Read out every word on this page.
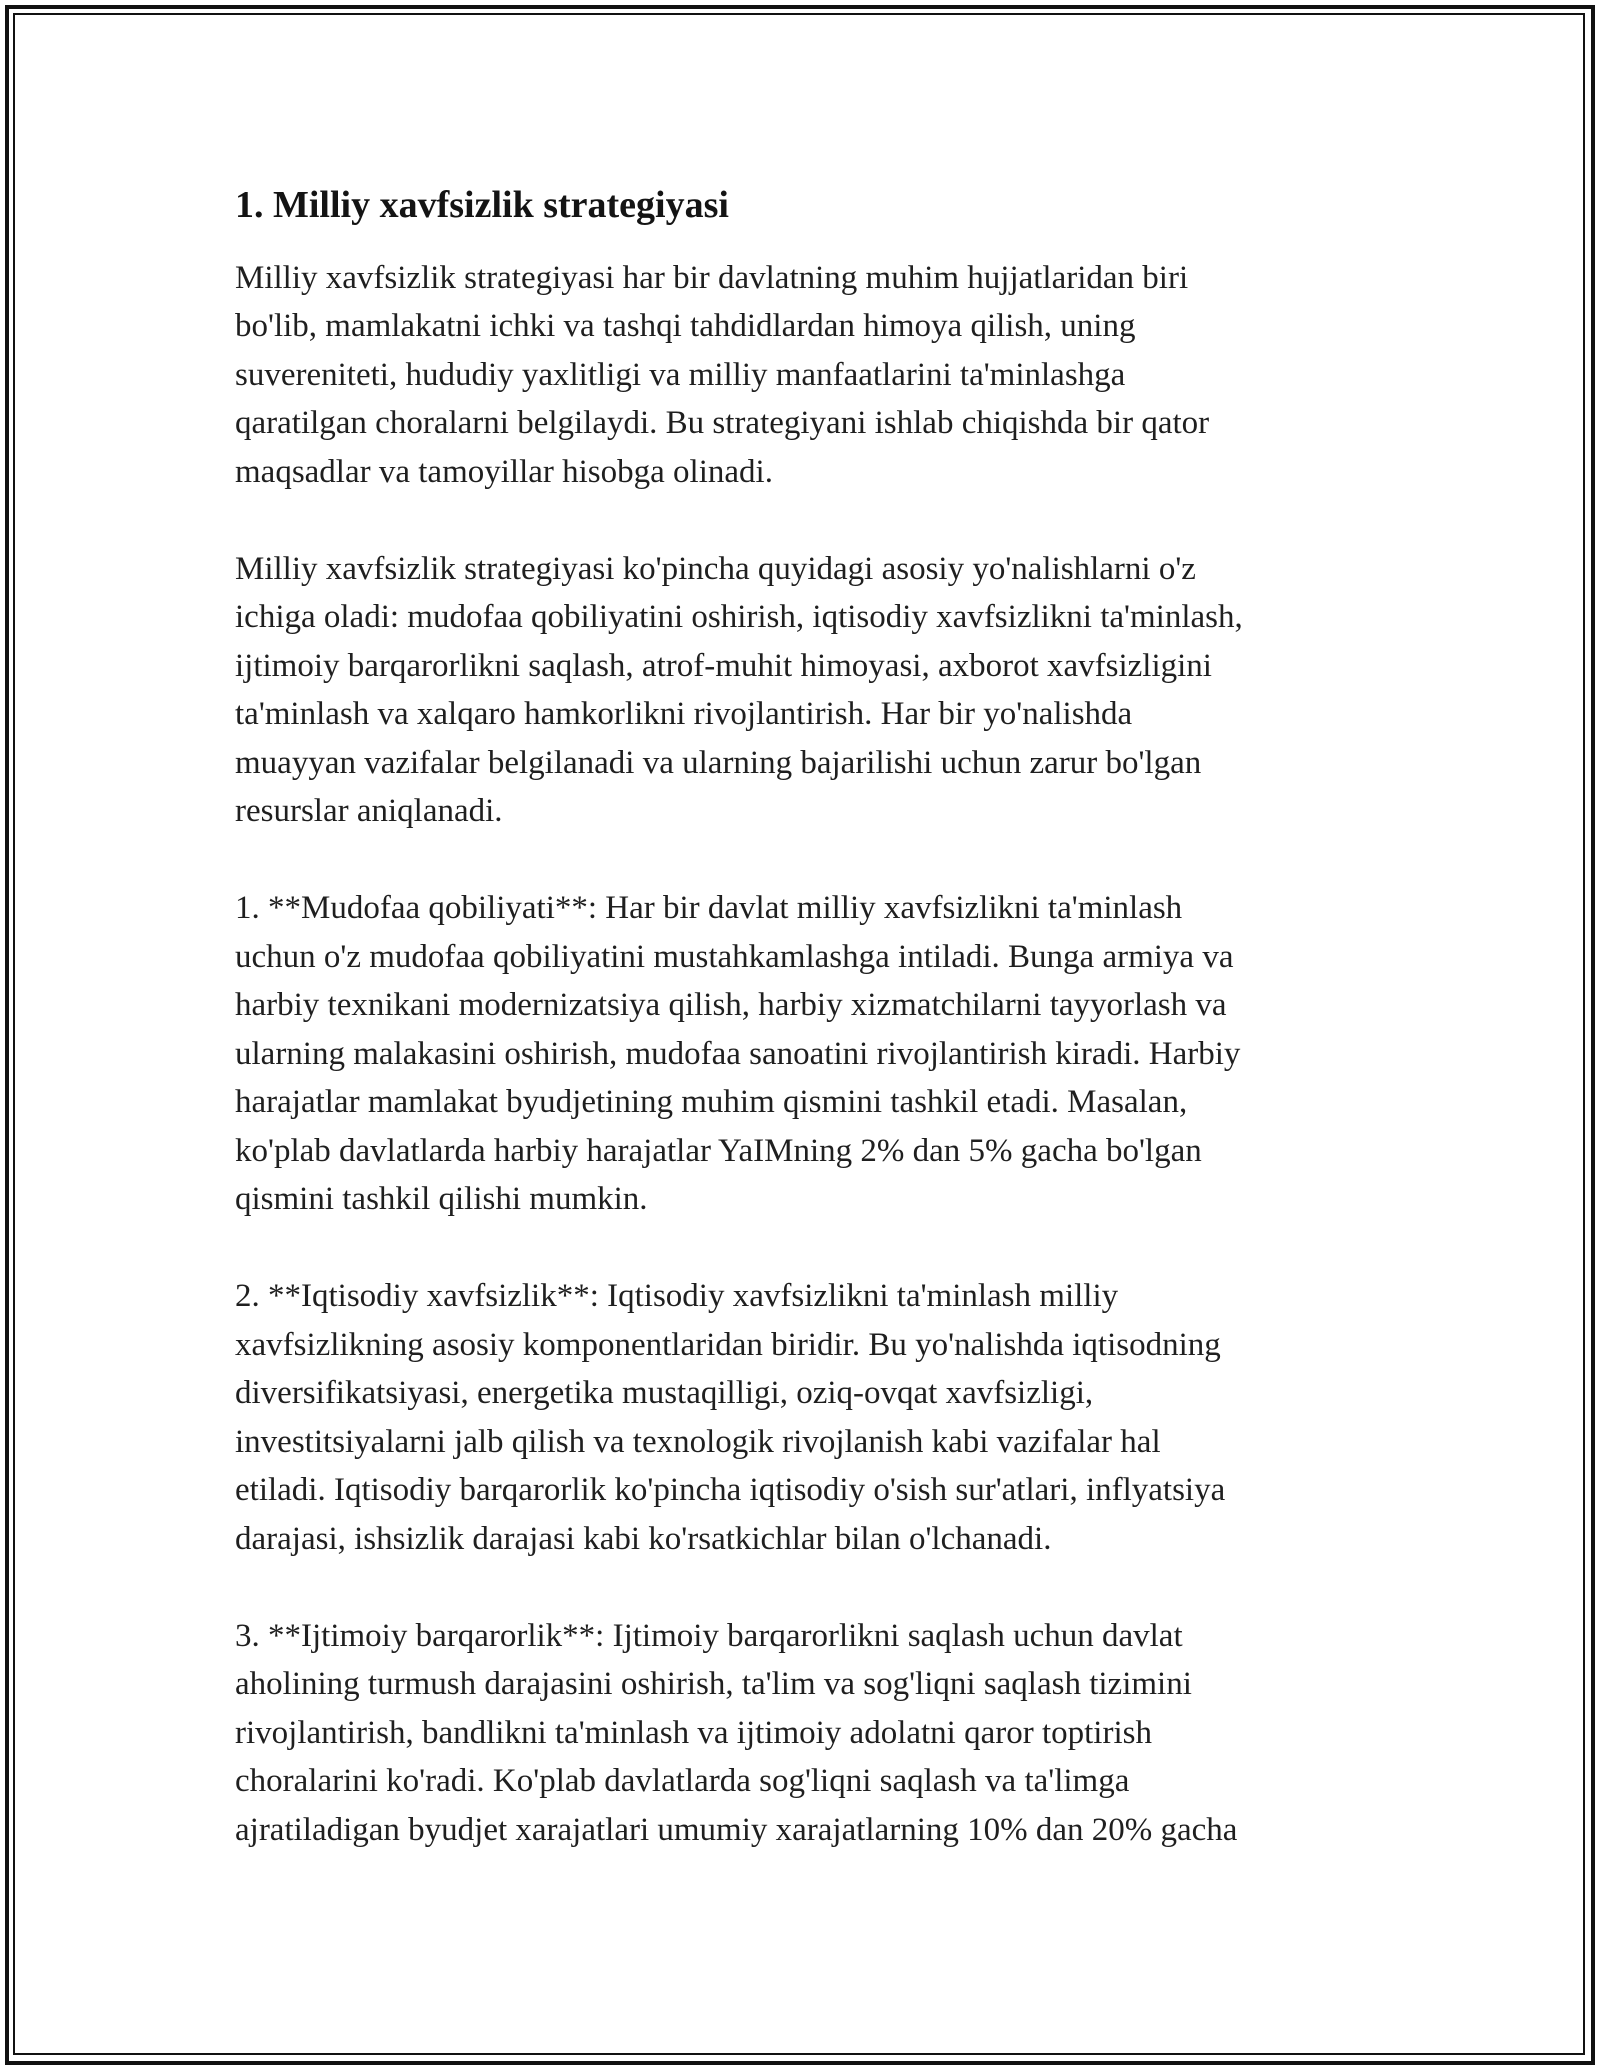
1. Milliy xavfsizlik strategiyasi

Milliy xavfsizlik strategiyasi har bir davlatning muhim hujjatlaridan biri
bo'lib, mamlakatni ichki va tashqi tahdidlardan himoya qilish, uning
suvereniteti, hududiy yaxlitligi va milliy manfaatlarini ta'minlashga
qaratilgan choralarni belgilaydi. Bu strategiyani ishlab chiqishda bir qator
maqsadlar va tamoyillar hisobga olinadi.

Milliy xavfsizlik strategiyasi ko'pincha quyidagi asosiy yo'nalishlarni o'z
ichiga oladi: mudofaa qobiliyatini oshirish, iqtisodiy xavfsizlikni ta'minlash,
ijtimoiy barqarorlikni saqlash, atrof-muhit himoyasi, axborot xavfsizligini
ta'minlash va xalqaro hamkorlikni rivojlantirish. Har bir yo'nalishda
muayyan vazifalar belgilanadi va ularning bajarilishi uchun zarur bo'lgan
resurslar aniqlanadi.

1. **Mudofaa qobiliyati**: Har bir davlat milliy xavfsizlikni ta'minlash
uchun o'z mudofaa qobiliyatini mustahkamlashga intiladi. Bunga armiya va
harbiy texnikani modernizatsiya qilish, harbiy xizmatchilarni tayyorlash va
ularning malakasini oshirish, mudofaa sanoatini rivojlantirish kiradi. Harbiy
harajatlar mamlakat byudjetining muhim qismini tashkil etadi. Masalan,
ko'plab davlatlarda harbiy harajatlar YaIMning 2% dan 5% gacha bo'lgan
qismini tashkil qilishi mumkin.

2. **Iqtisodiy xavfsizlik**: Iqtisodiy xavfsizlikni ta'minlash milliy
xavfsizlikning asosiy komponentlaridan biridir. Bu yo'nalishda iqtisodning
diversifikatsiyasi, energetika mustaqilligi, oziq-ovqat xavfsizligi,
investitsiyalarni jalb qilish va texnologik rivojlanish kabi vazifalar hal
etiladi. Iqtisodiy barqarorlik ko'pincha iqtisodiy o'sish sur'atlari, inflyatsiya
darajasi, ishsizlik darajasi kabi ko'rsatkichlar bilan o'lchanadi.

3. **Ijtimoiy barqarorlik**: Ijtimoiy barqarorlikni saqlash uchun davlat
aholining turmush darajasini oshirish, ta'lim va sog'liqni saqlash tizimini
rivojlantirish, bandlikni ta'minlash va ijtimoiy adolatni qaror toptirish
choralarini ko'radi. Ko'plab davlatlarda sog'liqni saqlash va ta'limga
ajratiladigan byudjet xarajatlari umumiy xarajatlarning 10% dan 20% gacha
